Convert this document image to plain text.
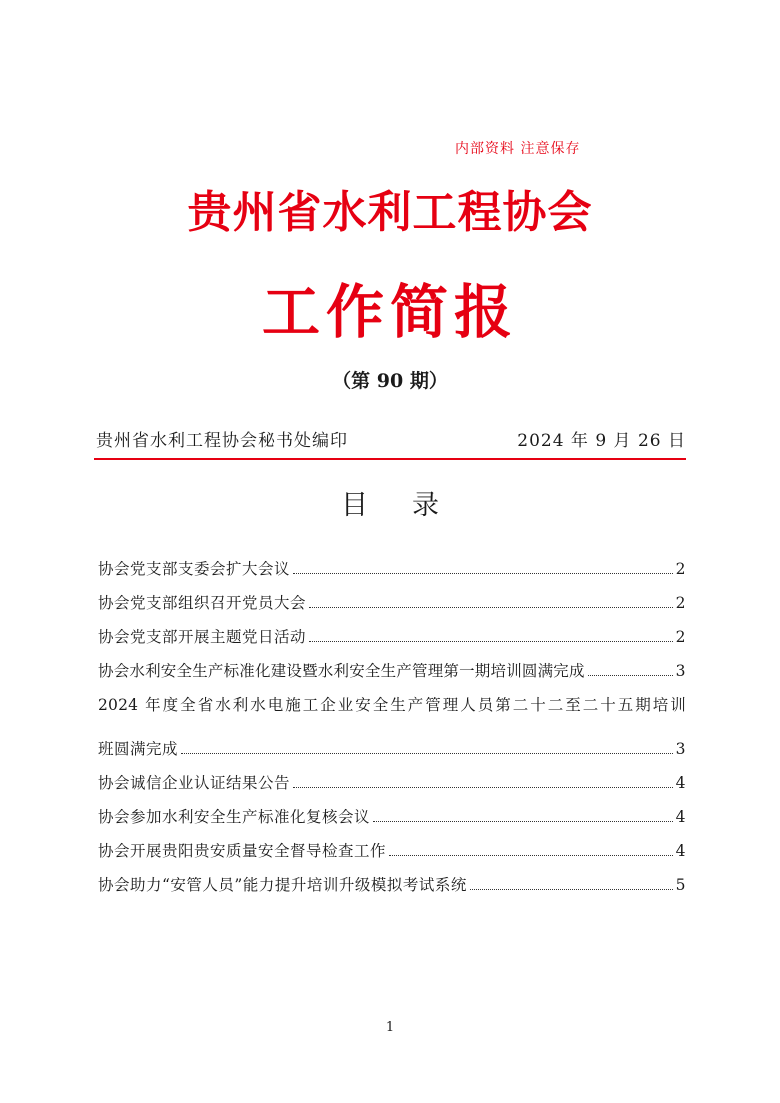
内部资料 注意保存
贵州省水利工程协会
工作简报
（第 90 期）
贵州省水利工程协会秘书处编印	2024 年 9 月 26 日
目录
协会党支部支委会扩大会议	2
协会党支部组织召开党员大会	2
协会党支部开展主题党日活动	2
协会水利安全生产标准化建设暨水利安全生产管理第一期培训圆满完成	3
2024 年度全省水利水电施工企业安全生产管理人员第二十二至二十五期培训
班圆满完成	3
协会诚信企业认证结果公告	4
协会参加水利安全生产标准化复核会议	4
协会开展贵阳贵安质量安全督导检查工作	4
协会助力“安管人员”能力提升培训升级模拟考试系统	5
1
